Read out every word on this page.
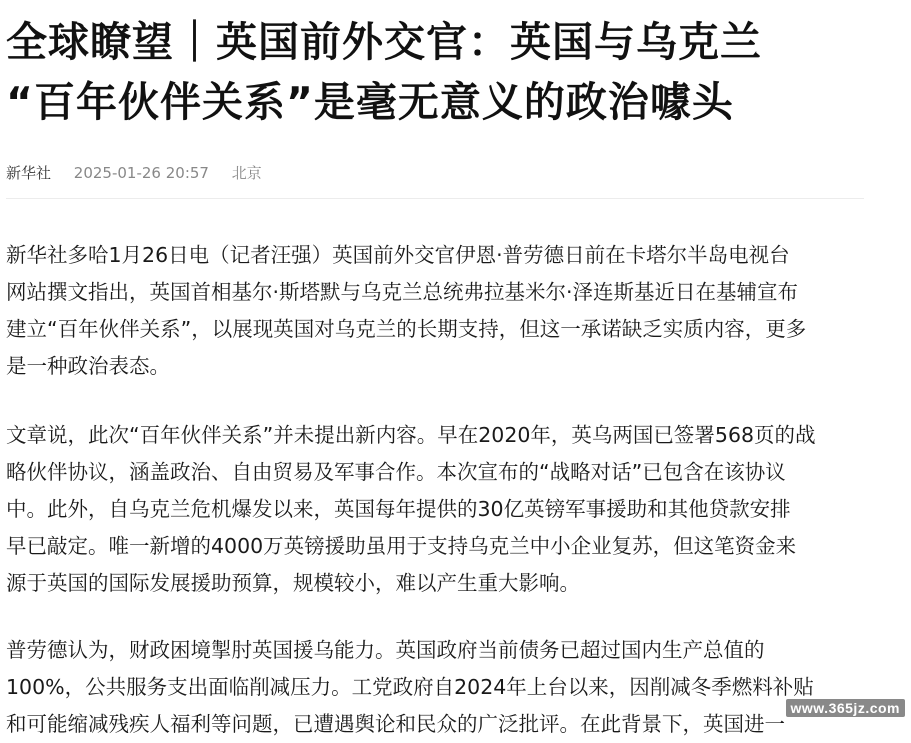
全球瞭望｜英国前外交官：英国与乌克兰
“百年伙伴关系”是毫无意义的政治噱头
新华社 2025-01-26 20:57 北京

新华社多哈1月26日电（记者汪强）英国前外交官伊恩·普劳德日前在卡塔尔半岛电视台
网站撰文指出，英国首相基尔·斯塔默与乌克兰总统弗拉基米尔·泽连斯基近日在基辅宣布
建立“百年伙伴关系”，以展现英国对乌克兰的长期支持，但这一承诺缺乏实质内容，更多
是一种政治表态。

文章说，此次“百年伙伴关系”并未提出新内容。早在2020年，英乌两国已签署568页的战
略伙伴协议，涵盖政治、自由贸易及军事合作。本次宣布的“战略对话”已包含在该协议
中。此外，自乌克兰危机爆发以来，英国每年提供的30亿英镑军事援助和其他贷款安排
早已敲定。唯一新增的4000万英镑援助虽用于支持乌克兰中小企业复苏，但这笔资金来
源于英国的国际发展援助预算，规模较小，难以产生重大影响。

普劳德认为，财政困境掣肘英国援乌能力。英国政府当前债务已超过国内生产总值的
100%，公共服务支出面临削减压力。工党政府自2024年上台以来，因削减冬季燃料补贴
和可能缩减残疾人福利等问题，已遭遇舆论和民众的广泛批评。在此背景下，英国进一

www.365jz.com
